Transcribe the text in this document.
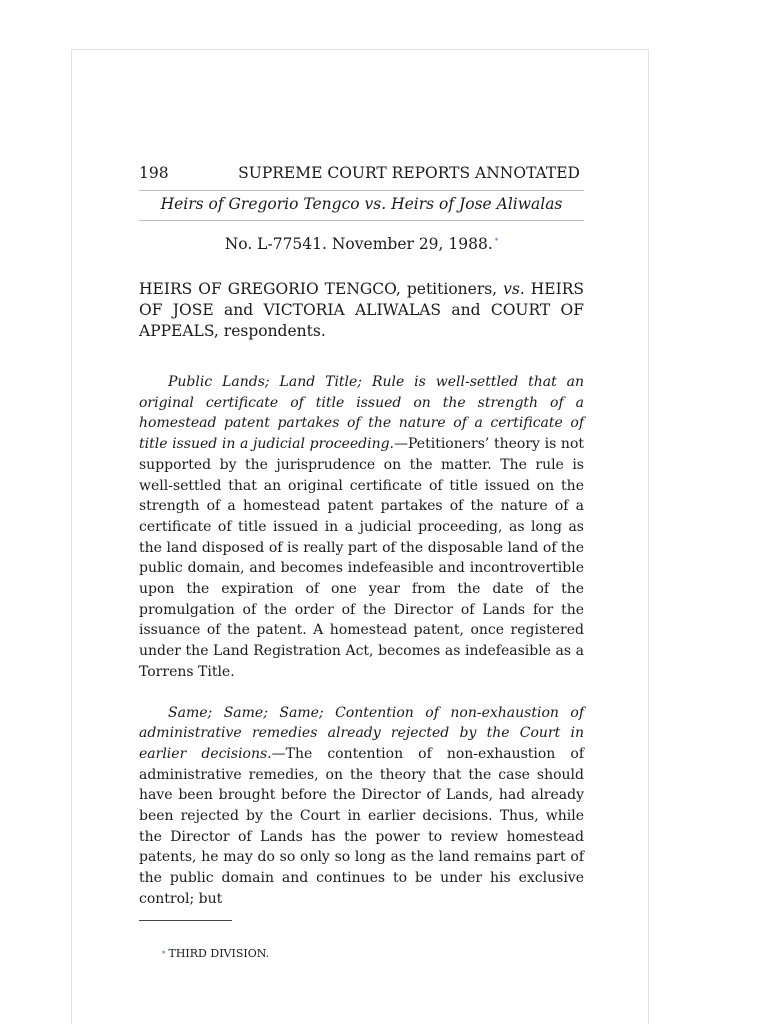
198	SUPREME COURT REPORTS ANNOTATED
Heirs of Gregorio Tengco vs. Heirs of Jose Aliwalas
No. L-77541. November 29, 1988. *
HEIRS OF GREGORIO TENGCO, petitioners, vs. HEIRS OF JOSE and VICTORIA ALIWALAS and COURT OF APPEALS, respondents.

Public Lands; Land Title; Rule is well-settled that an original certificate of title issued on the strength of a homestead patent partakes of the nature of a certificate of title issued in a judicial proceeding.—Petitioners’ theory is not supported by the jurisprudence on the matter. The rule is well-settled that an original certificate of title issued on the strength of a homestead patent partakes of the nature of a certificate of title issued in a judicial proceeding, as long as the land disposed of is really part of the disposable land of the public domain, and becomes indefeasible and incontrovertible upon the expiration of one year from the date of the promulgation of the order of the Director of Lands for the issuance of the patent. A homestead patent, once registered under the Land Registration Act, becomes as indefeasible as a Torrens Title.

Same; Same; Same; Contention of non-exhaustion of administrative remedies already rejected by the Court in earlier decisions.—The contention of non-exhaustion of administrative remedies, on the theory that the case should have been brought before the Director of Lands, had already been rejected by the Court in earlier decisions. Thus, while the Director of Lands has the power to review homestead patents, he may do so only so long as the land remains part of the public domain and continues to be under his exclusive control; but

* THIRD DIVISION.
